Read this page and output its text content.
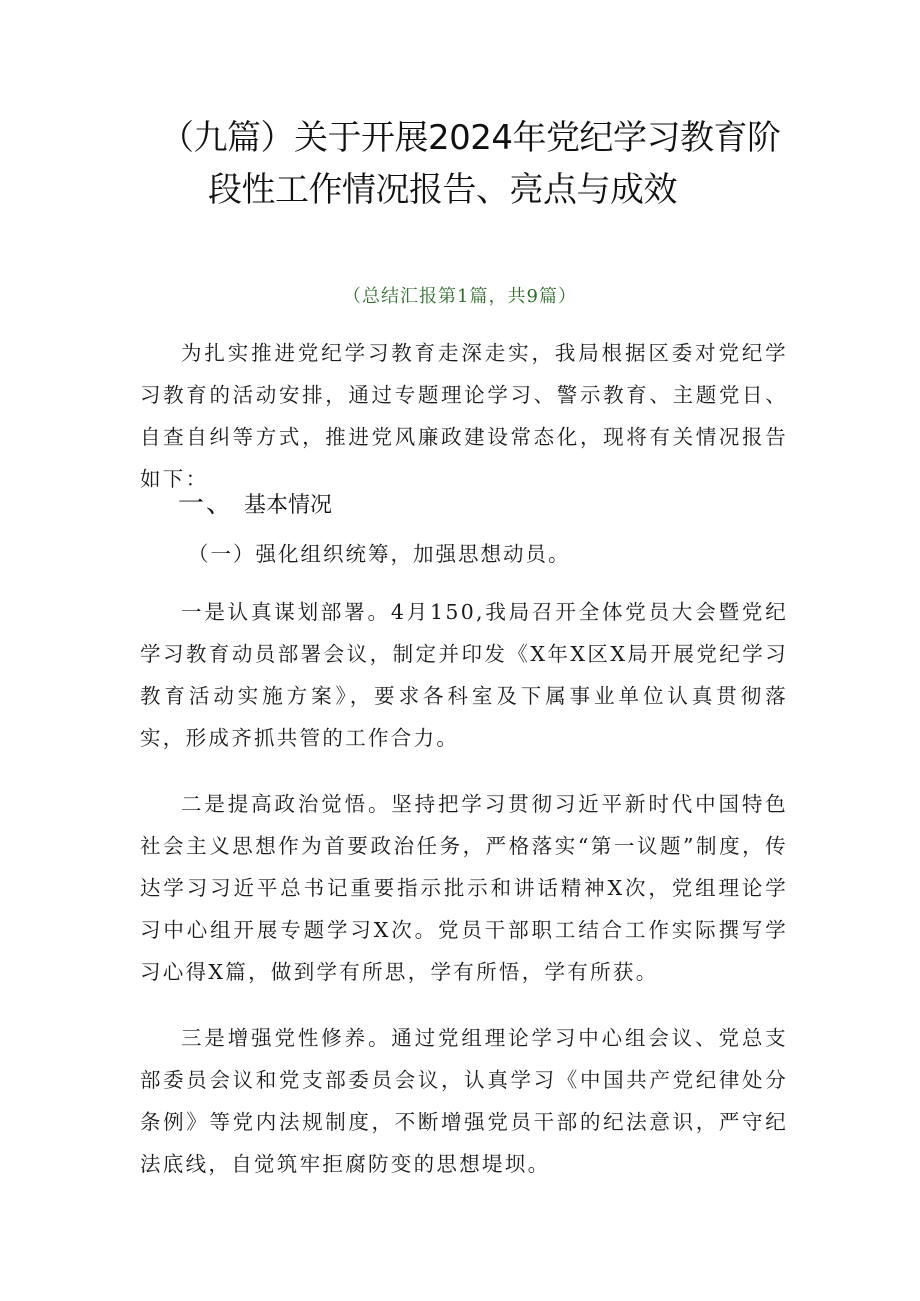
（九篇）关于开展2024年党纪学习教育阶
段性工作情况报告、亮点与成效
（总结汇报第1篇，共9篇）

为扎实推进党纪学习教育走深走实，我局根据区委对党纪学习教育的活动安排，通过专题理论学习、警示教育、主题党日、自查自纠等方式，推进党风廉政建设常态化，现将有关情况报告如下：

一、 基本情况
（一）强化组织统筹，加强思想动员。

一是认真谋划部署。4月150,我局召开全体党员大会暨党纪学习教育动员部署会议，制定并印发《X年X区X局开展党纪学习教育活动实施方案》，要求各科室及下属事业单位认真贯彻落实，形成齐抓共管的工作合力。

二是提高政治觉悟。坚持把学习贯彻习近平新时代中国特色社会主义思想作为首要政治任务，严格落实“第一议题”制度，传达学习习近平总书记重要指示批示和讲话精神X次，党组理论学习中心组开展专题学习X次。党员干部职工结合工作实际撰写学习心得X篇，做到学有所思，学有所悟，学有所获。

三是增强党性修养。通过党组理论学习中心组会议、党总支部委员会议和党支部委员会议，认真学习《中国共产党纪律处分条例》等党内法规制度，不断增强党员干部的纪法意识，严守纪法底线，自觉筑牢拒腐防变的思想堤坝。
